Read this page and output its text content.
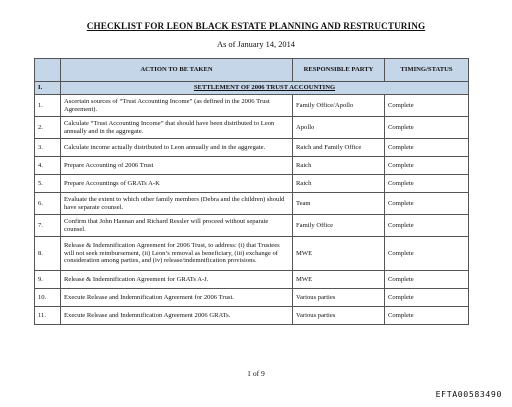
CHECKLIST FOR LEON BLACK ESTATE PLANNING AND RESTRUCTURING
As of January 14, 2014
	ACTION TO BE TAKEN	RESPONSIBLE PARTY	TIMING/STATUS
I.	SETTLEMENT OF 2006 TRUST ACCOUNTING		
1.	Ascertain sources of “Trust Accounting Income” (as defined in the 2006 Trust Agreement).	Family Office/Apollo	Complete
2.	Calculate “Trust Accounting Income” that should have been distributed to Leon annually and in the aggregate.	Apollo	Complete
3.	Calculate income actually distributed to Leon annually and in the aggregate.	Raich and Family Office	Complete
4.	Prepare Accounting of 2006 Trust	Raich	Complete
5.	Prepare Accountings of GRATs A-K	Raich	Complete
6.	Evaluate the extent to which other family members (Debra and the children) should have separate counsel.	Team	Complete
7.	Confirm that John Hannan and Richard Ressler will proceed without separate counsel.	Family Office	Complete
8.	Release & Indemnification Agreement for 2006 Trust, to address: (i) that Trustees will not seek reimbursement, (ii) Leon’s removal as beneficiary, (iii) exchange of consideration among parties, and (iv) release/indemnification provisions.	MWE	Complete
9.	Release & Indemnification Agreement for GRATs A-J.	MWE	Complete
10.	Execute Release and Indemnification Agreement for 2006 Trust.	Various parties	Complete
11.	Execute Release and Indemnification Agreement 2006 GRATs.	Various parties	Complete
1 of 9
EFTA00583490
